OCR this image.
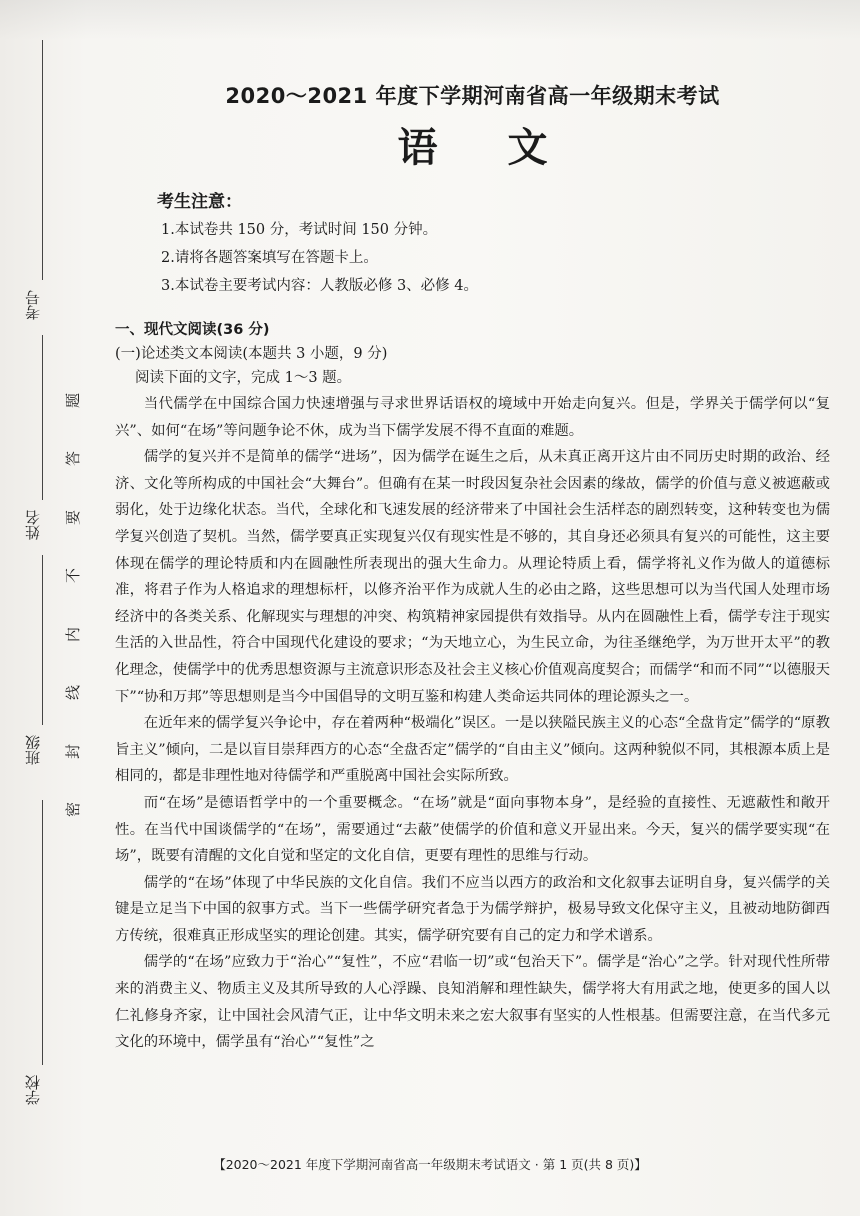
考号
姓名
班级
学校
题
答
要
不
内
线
封
密
2020～2021 年度下学期河南省高一年级期末考试
语文
考生注意：
1.本试卷共 150 分，考试时间 150 分钟。
2.请将各题答案填写在答题卡上。
3.本试卷主要考试内容：人教版必修 3、必修 4。
一、现代文阅读(36 分)
(一)论述类文本阅读(本题共 3 小题，9 分)
阅读下面的文字，完成 1～3 题。

当代儒学在中国综合国力快速增强与寻求世界话语权的境域中开始走向复兴。但是，学界关于儒学何以“复兴”、如何“在场”等问题争论不休，成为当下儒学发展不得不直面的难题。

儒学的复兴并不是简单的儒学“进场”，因为儒学在诞生之后，从未真正离开这片由不同历史时期的政治、经济、文化等所构成的中国社会“大舞台”。但确有在某一时段因复杂社会因素的缘故，儒学的价值与意义被遮蔽或弱化，处于边缘化状态。当代，全球化和飞速发展的经济带来了中国社会生活样态的剧烈转变，这种转变也为儒学复兴创造了契机。当然，儒学要真正实现复兴仅有现实性是不够的，其自身还必须具有复兴的可能性，这主要体现在儒学的理论特质和内在圆融性所表现出的强大生命力。从理论特质上看，儒学将礼义作为做人的道德标准，将君子作为人格追求的理想标杆，以修齐治平作为成就人生的必由之路，这些思想可以为当代国人处理市场经济中的各类关系、化解现实与理想的冲突、构筑精神家园提供有效指导。从内在圆融性上看，儒学专注于现实生活的入世品性，符合中国现代化建设的要求；“为天地立心，为生民立命，为往圣继绝学，为万世开太平”的教化理念，使儒学中的优秀思想资源与主流意识形态及社会主义核心价值观高度契合；而儒学“和而不同”“以德服天下”“协和万邦”等思想则是当今中国倡导的文明互鉴和构建人类命运共同体的理论源头之一。

在近年来的儒学复兴争论中，存在着两种“极端化”误区。一是以狭隘民族主义的心态“全盘肯定”儒学的“原教旨主义”倾向，二是以盲目崇拜西方的心态“全盘否定”儒学的“自由主义”倾向。这两种貌似不同，其根源本质上是相同的，都是非理性地对待儒学和严重脱离中国社会实际所致。

而“在场”是德语哲学中的一个重要概念。“在场”就是“面向事物本身”，是经验的直接性、无遮蔽性和敞开性。在当代中国谈儒学的“在场”，需要通过“去蔽”使儒学的价值和意义开显出来。今天，复兴的儒学要实现“在场”，既要有清醒的文化自觉和坚定的文化自信，更要有理性的思维与行动。

儒学的“在场”体现了中华民族的文化自信。我们不应当以西方的政治和文化叙事去证明自身，复兴儒学的关键是立足当下中国的叙事方式。当下一些儒学研究者急于为儒学辩护，极易导致文化保守主义，且被动地防御西方传统，很难真正形成坚实的理论创建。其实，儒学研究要有自己的定力和学术谱系。

儒学的“在场”应致力于“治心”“复性”，不应“君临一切”或“包治天下”。儒学是“治心”之学。针对现代性所带来的消费主义、物质主义及其所导致的人心浮躁、良知消解和理性缺失，儒学将大有用武之地，使更多的国人以仁礼修身齐家，让中国社会风清气正，让中华文明未来之宏大叙事有坚实的人性根基。但需要注意，在当代多元文化的环境中，儒学虽有“治心”“复性”之

【2020～2021 年度下学期河南省高一年级期末考试语文 · 第 1 页(共 8 页)】
